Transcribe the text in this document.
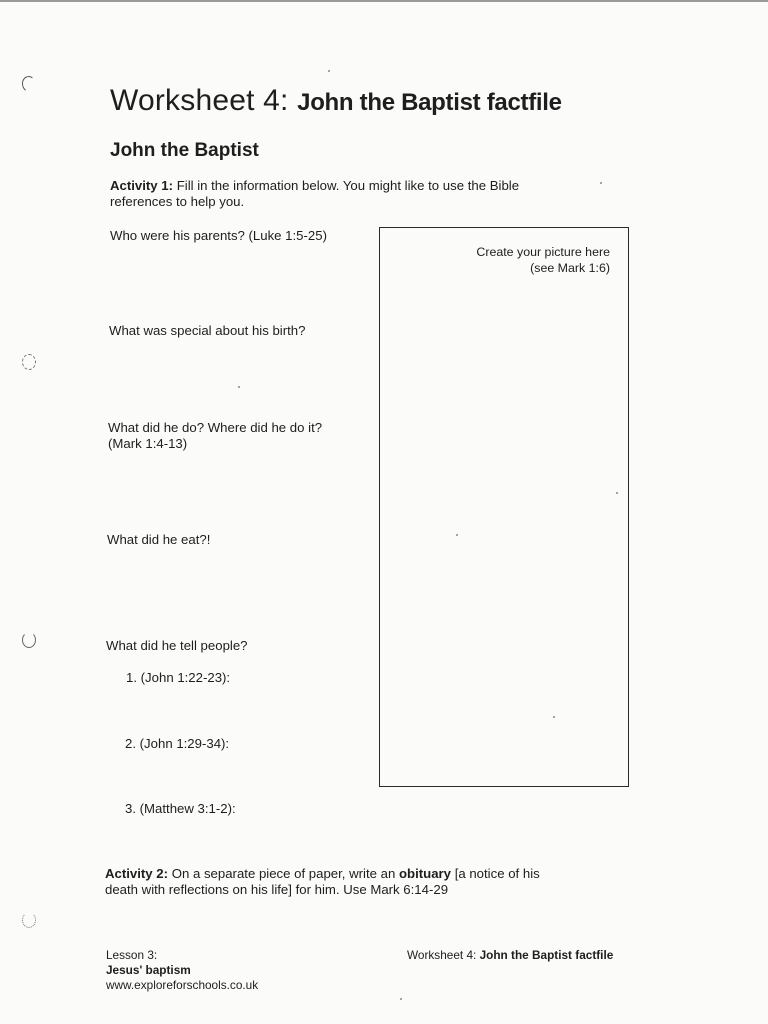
Worksheet 4: John the Baptist factfile
John the Baptist
Activity 1: Fill in the information below. You might like to use the Bible
references to help you.
Who were his parents? (Luke 1:5-25)
What was special about his birth?
What did he do? Where did he do it?
(Mark 1:4-13)
What did he eat?!
What did he tell people?
1. (John 1:22-23):
2. (John 1:29-34):
3. (Matthew 3:1-2):
Create your picture here
(see Mark 1:6)
Activity 2: On a separate piece of paper, write an obituary [a notice of his
death with reflections on his life] for him. Use Mark 6:14-29
Lesson 3:
Jesus' baptism
www.exploreforschools.co.uk
Worksheet 4: John the Baptist factfile
